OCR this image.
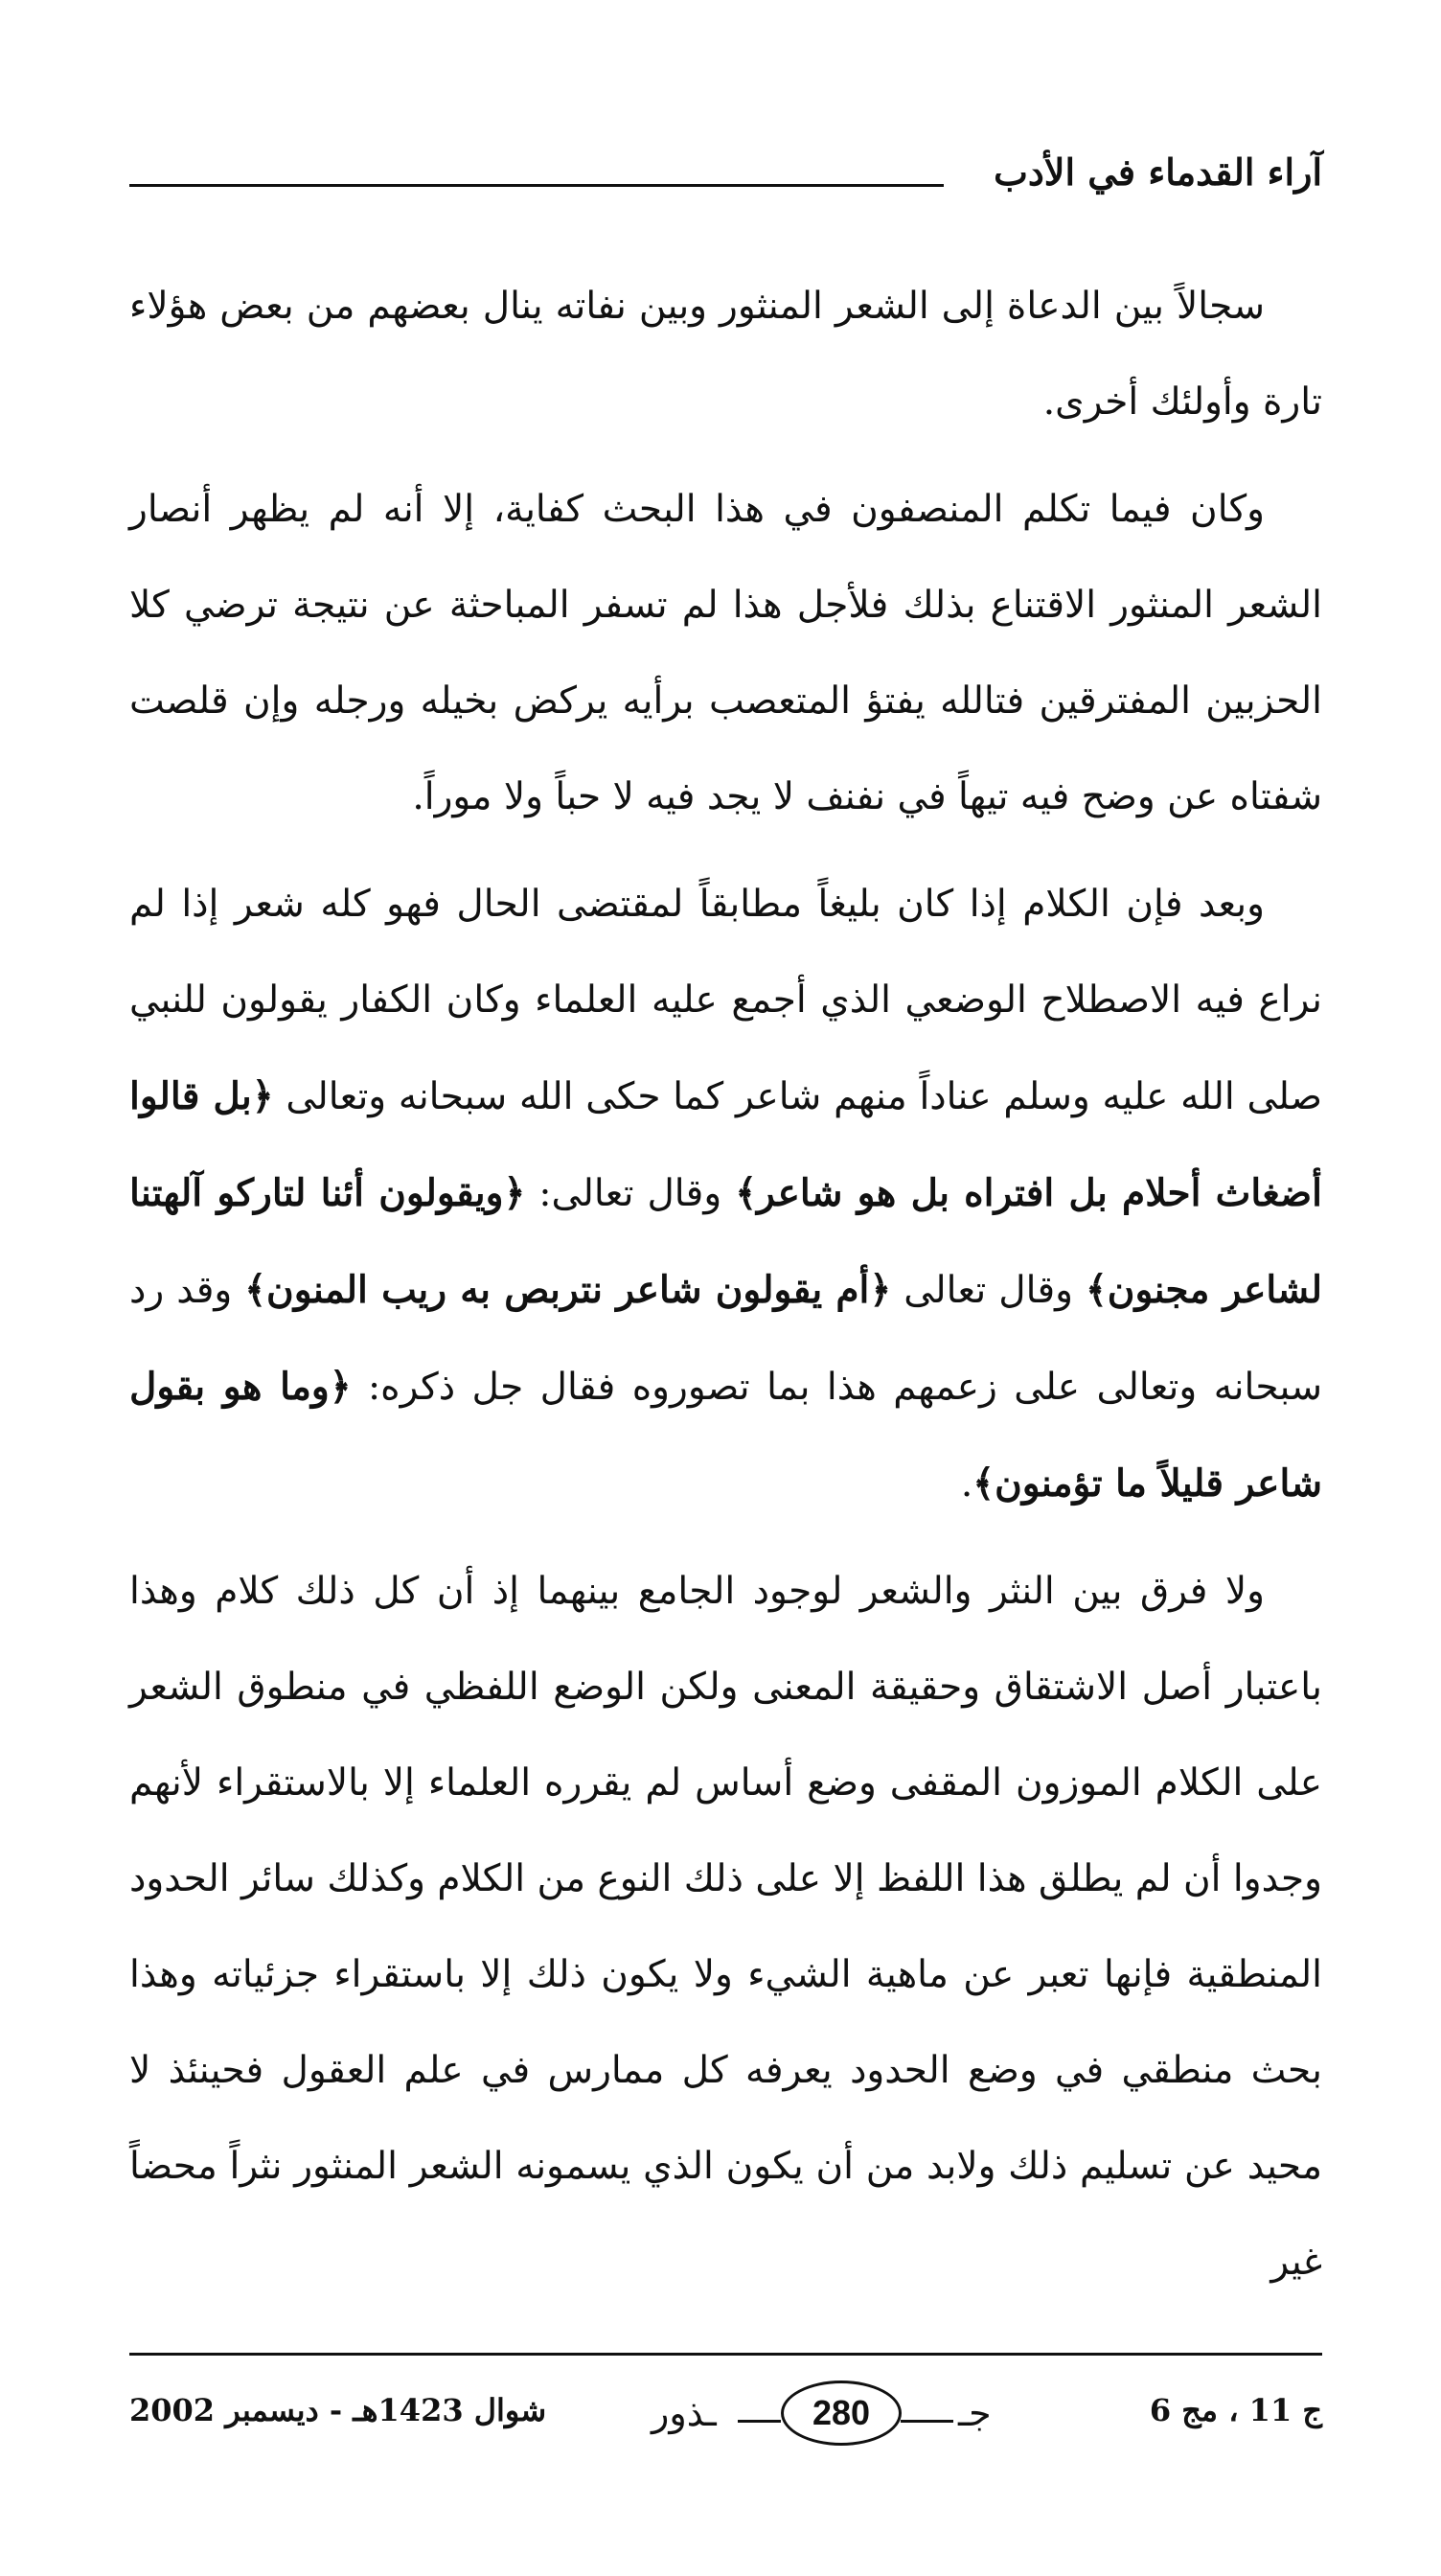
آراء القدماء في الأدب

سجالاً بين الدعاة إلى الشعر المنثور وبين نفاته ينال بعضهم من بعض هؤلاء تارة وأولئك أخرى.

وكان فيما تكلم المنصفون في هذا البحث كفاية، إلا أنه لم يظهر أنصار الشعر المنثور الاقتناع بذلك فلأجل هذا لم تسفر المباحثة عن نتيجة ترضي كلا الحزبين المفترقين فتالله يفتؤ المتعصب برأيه يركض بخيله ورجله وإن قلصت شفتاه عن وضح فيه تيهاً في نفنف لا يجد فيه لا حباً ولا موراً.

وبعد فإن الكلام إذا كان بليغاً مطابقاً لمقتضى الحال فهو كله شعر إذا لم نراع فيه الاصطلاح الوضعي الذي أجمع عليه العلماء وكان الكفار يقولون للنبي صلى الله عليه وسلم عناداً منهم شاعر كما حكى الله سبحانه وتعالى ﴿بل قالوا أضغاث أحلام بل افتراه بل هو شاعر﴾ وقال تعالى: ﴿ويقولون أئنا لتاركو آلهتنا لشاعر مجنون﴾ وقال تعالى ﴿أم يقولون شاعر نتربص به ريب المنون﴾ وقد رد سبحانه وتعالى على زعمهم هذا بما تصوروه فقال جل ذكره: ﴿وما هو بقول شاعر قليلاً ما تؤمنون﴾.

ولا فرق بين النثر والشعر لوجود الجامع بينهما إذ أن كل ذلك كلام وهذا باعتبار أصل الاشتقاق وحقيقة المعنى ولكن الوضع اللفظي في منطوق الشعر على الكلام الموزون المقفى وضع أساس لم يقرره العلماء إلا بالاستقراء لأنهم وجدوا أن لم يطلق هذا اللفظ إلا على ذلك النوع من الكلام وكذلك سائر الحدود المنطقية فإنها تعبر عن ماهية الشيء ولا يكون ذلك إلا باستقراء جزئياته وهذا بحث منطقي في وضع الحدود يعرفه كل ممارس في علم العقول فحينئذ لا محيد عن تسليم ذلك ولابد من أن يكون الذي يسمونه الشعر المنثور نثراً محضاً غير

ج 11 ، مج 6
ـذور	280	جـ
شوال 1423هـ - ديسمبر 2002
